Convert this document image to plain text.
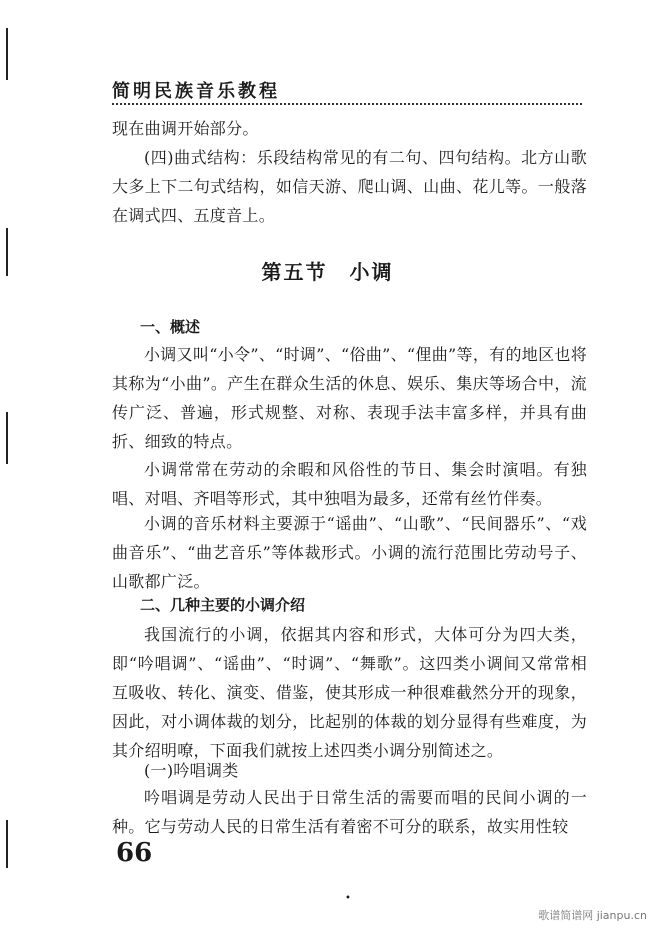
简明民族音乐教程
现在曲调开始部分。
(四)曲式结构：乐段结构常见的有二句、四句结构。北方山歌大多上下二句式结构，如信天游、爬山调、山曲、花儿等。一般落在调式四、五度音上。
第五节　小调
一、概述
小调又叫“小令”、“时调”、“俗曲”、“俚曲”等，有的地区也将其称为“小曲”。产生在群众生活的休息、娱乐、集庆等场合中，流传广泛、普遍，形式规整、对称、表现手法丰富多样，并具有曲折、细致的特点。
小调常常在劳动的余暇和风俗性的节日、集会时演唱。有独唱、对唱、齐唱等形式，其中独唱为最多，还常有丝竹伴奏。
小调的音乐材料主要源于“谣曲”、“山歌”、“民间器乐”、“戏曲音乐”、“曲艺音乐”等体裁形式。小调的流行范围比劳动号子、山歌都广泛。
二、几种主要的小调介绍
我国流行的小调，依据其内容和形式，大体可分为四大类，即“吟唱调”、“谣曲”、“时调”、“舞歌”。这四类小调间又常常相互吸收、转化、演变、借鉴，使其形成一种很难截然分开的现象，因此，对小调体裁的划分，比起别的体裁的划分显得有些难度，为其介绍明嘹，下面我们就按上述四类小调分别简述之。
(一)吟唱调类
吟唱调是劳动人民出于日常生活的需要而唱的民间小调的一种。它与劳动人民的日常生活有着密不可分的联系，故实用性较
66
•
歌谱简谱网 jianpu.cn
